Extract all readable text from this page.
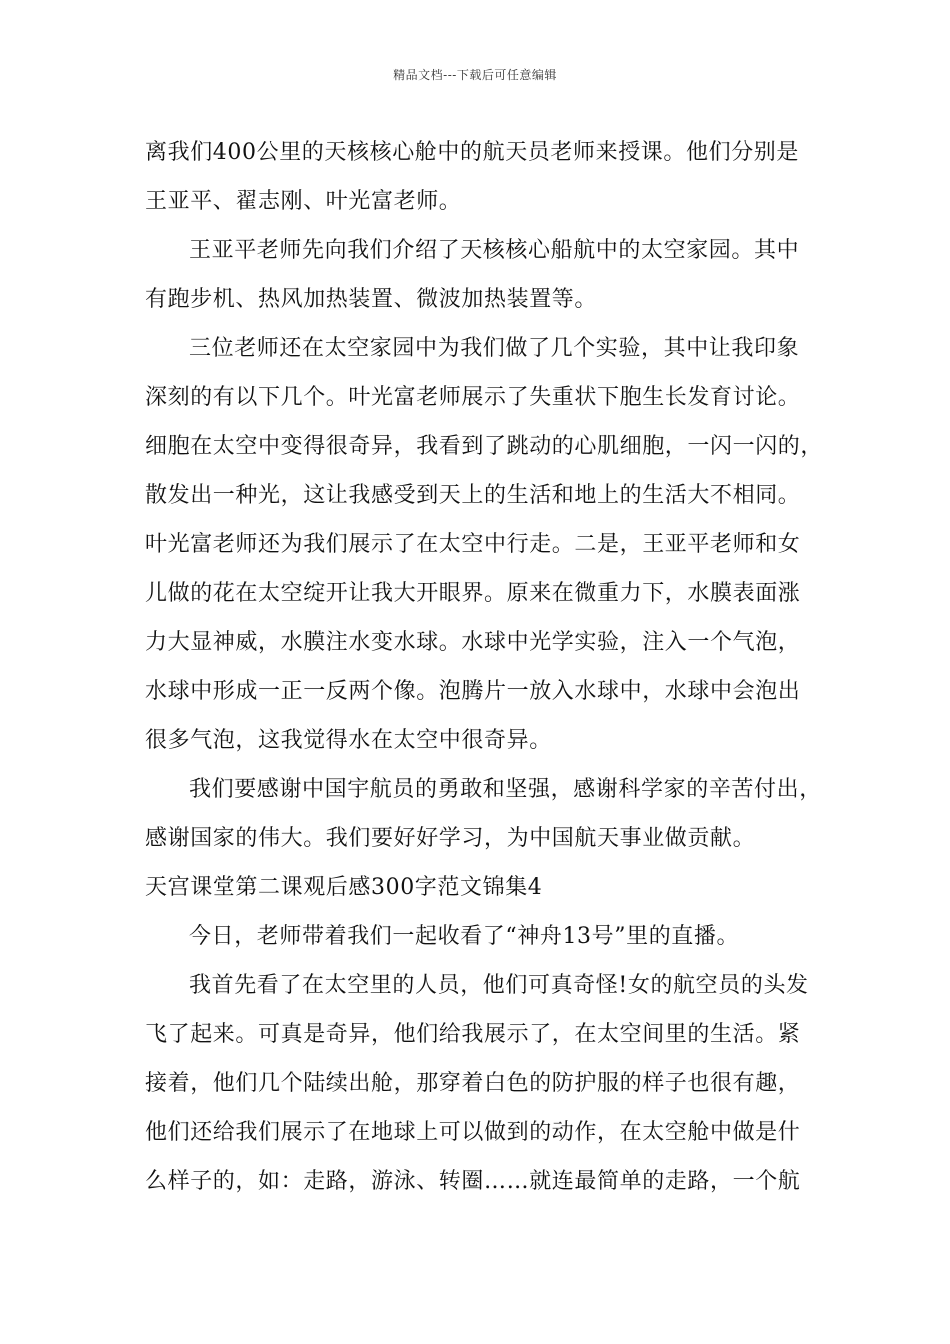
精品文档---下载后可任意编辑
离我们400公里的天核核心舱中的航天员老师来授课。他们分别是
王亚平、翟志刚、叶光富老师。
王亚平老师先向我们介绍了天核核心船航中的太空家园。其中
有跑步机、热风加热装置、微波加热装置等。
三位老师还在太空家园中为我们做了几个实验，其中让我印象
深刻的有以下几个。叶光富老师展示了失重状下胞生长发育讨论。
细胞在太空中变得很奇异，我看到了跳动的心肌细胞，一闪一闪的，
散发出一种光，这让我感受到天上的生活和地上的生活大不相同。
叶光富老师还为我们展示了在太空中行走。二是，王亚平老师和女
儿做的花在太空绽开让我大开眼界。原来在微重力下，水膜表面涨
力大显神威，水膜注水变水球。水球中光学实验，注入一个气泡，
水球中形成一正一反两个像。泡腾片一放入水球中，水球中会泡出
很多气泡，这我觉得水在太空中很奇异。
我们要感谢中国宇航员的勇敢和坚强，感谢科学家的辛苦付出，
感谢国家的伟大。我们要好好学习，为中国航天事业做贡献。
天宫课堂第二课观后感300字范文锦集4
今日，老师带着我们一起收看了“神舟13号”里的直播。
我首先看了在太空里的人员，他们可真奇怪!女的航空员的头发
飞了起来。可真是奇异，他们给我展示了，在太空间里的生活。紧
接着，他们几个陆续出舱，那穿着白色的防护服的样子也很有趣，
他们还给我们展示了在地球上可以做到的动作，在太空舱中做是什
么样子的，如：走路，游泳、转圈……就连最简单的走路，一个航
